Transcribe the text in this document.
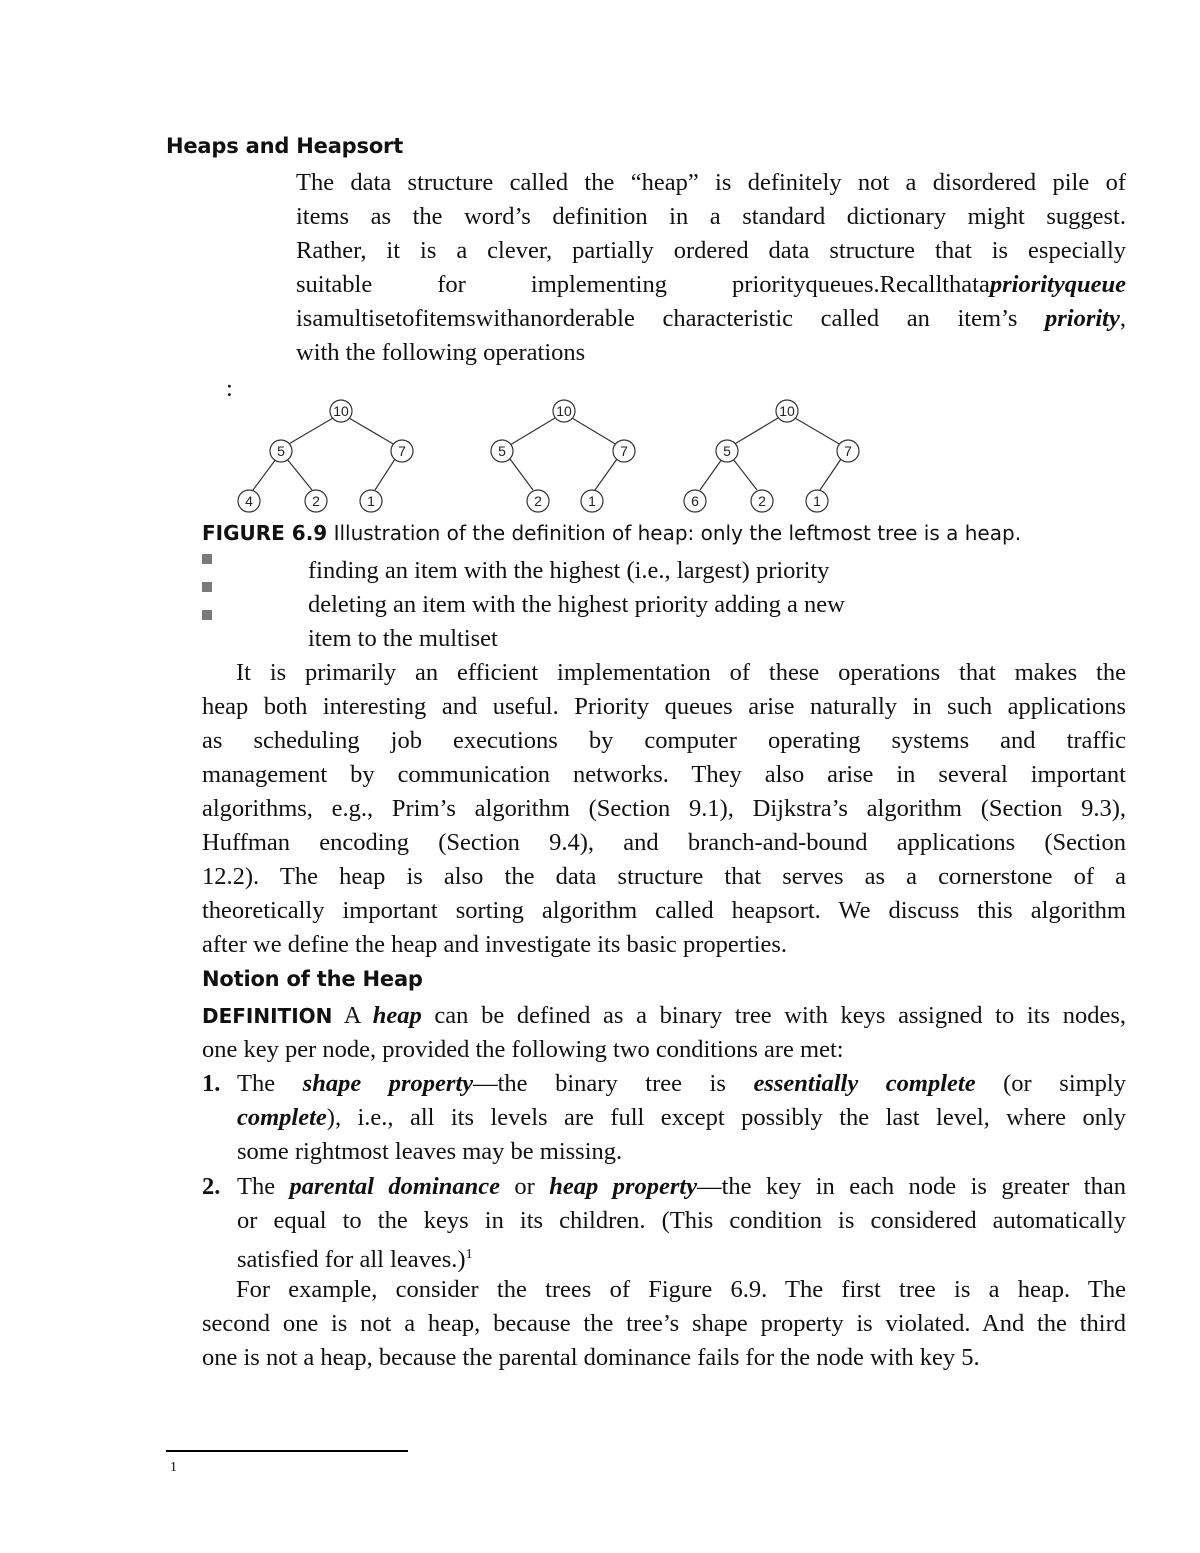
Heaps and Heapsort
The data structure called the “heap” is definitely not a disordered pile of
items as the word’s definition in a standard dictionary might suggest.
Rather, it is a clever, partially ordered data structure that is especially
suitable	for	implementing	priorityqueues.Recallthatapriorityqueue
isamultisetofitemswithanorderable characteristic called an item’s priority,
with the following operations
:
10
5	7
4	2	1
10
5	7
2	1
10
5	7
6	2	1
FIGURE 6.9 Illustration of the definition of heap: only the leftmost tree is a heap.
finding an item with the highest (i.e., largest) priority
deleting an item with the highest priority adding a new
item to the multiset
It is primarily an efficient implementation of these operations that makes the
heap both interesting and useful. Priority queues arise naturally in such applications
as scheduling job executions by computer operating systems and traffic
management by communication networks. They also arise in several important
algorithms, e.g., Prim’s algorithm (Section 9.1), Dijkstra’s algorithm (Section 9.3),
Huffman encoding (Section 9.4), and branch-and-bound applications (Section
12.2). The heap is also the data structure that serves as a cornerstone of a
theoretically important sorting algorithm called heapsort. We discuss this algorithm
after we define the heap and investigate its basic properties.
Notion of the Heap
DEFINITION A heap can be defined as a binary tree with keys assigned to its nodes,
one key per node, provided the following two conditions are met:
1. The shape property—the binary tree is essentially complete (or simply
complete), i.e., all its levels are full except possibly the last level, where only
some rightmost leaves may be missing.
2. The parental dominance or heap property—the key in each node is greater than
or equal to the keys in its children. (This condition is considered automatically
satisfied for all leaves.)$^1$
For example, consider the trees of Figure 6.9. The first tree is a heap. The
second one is not a heap, because the tree’s shape property is violated. And the third
one is not a heap, because the parental dominance fails for the node with key 5.
1
